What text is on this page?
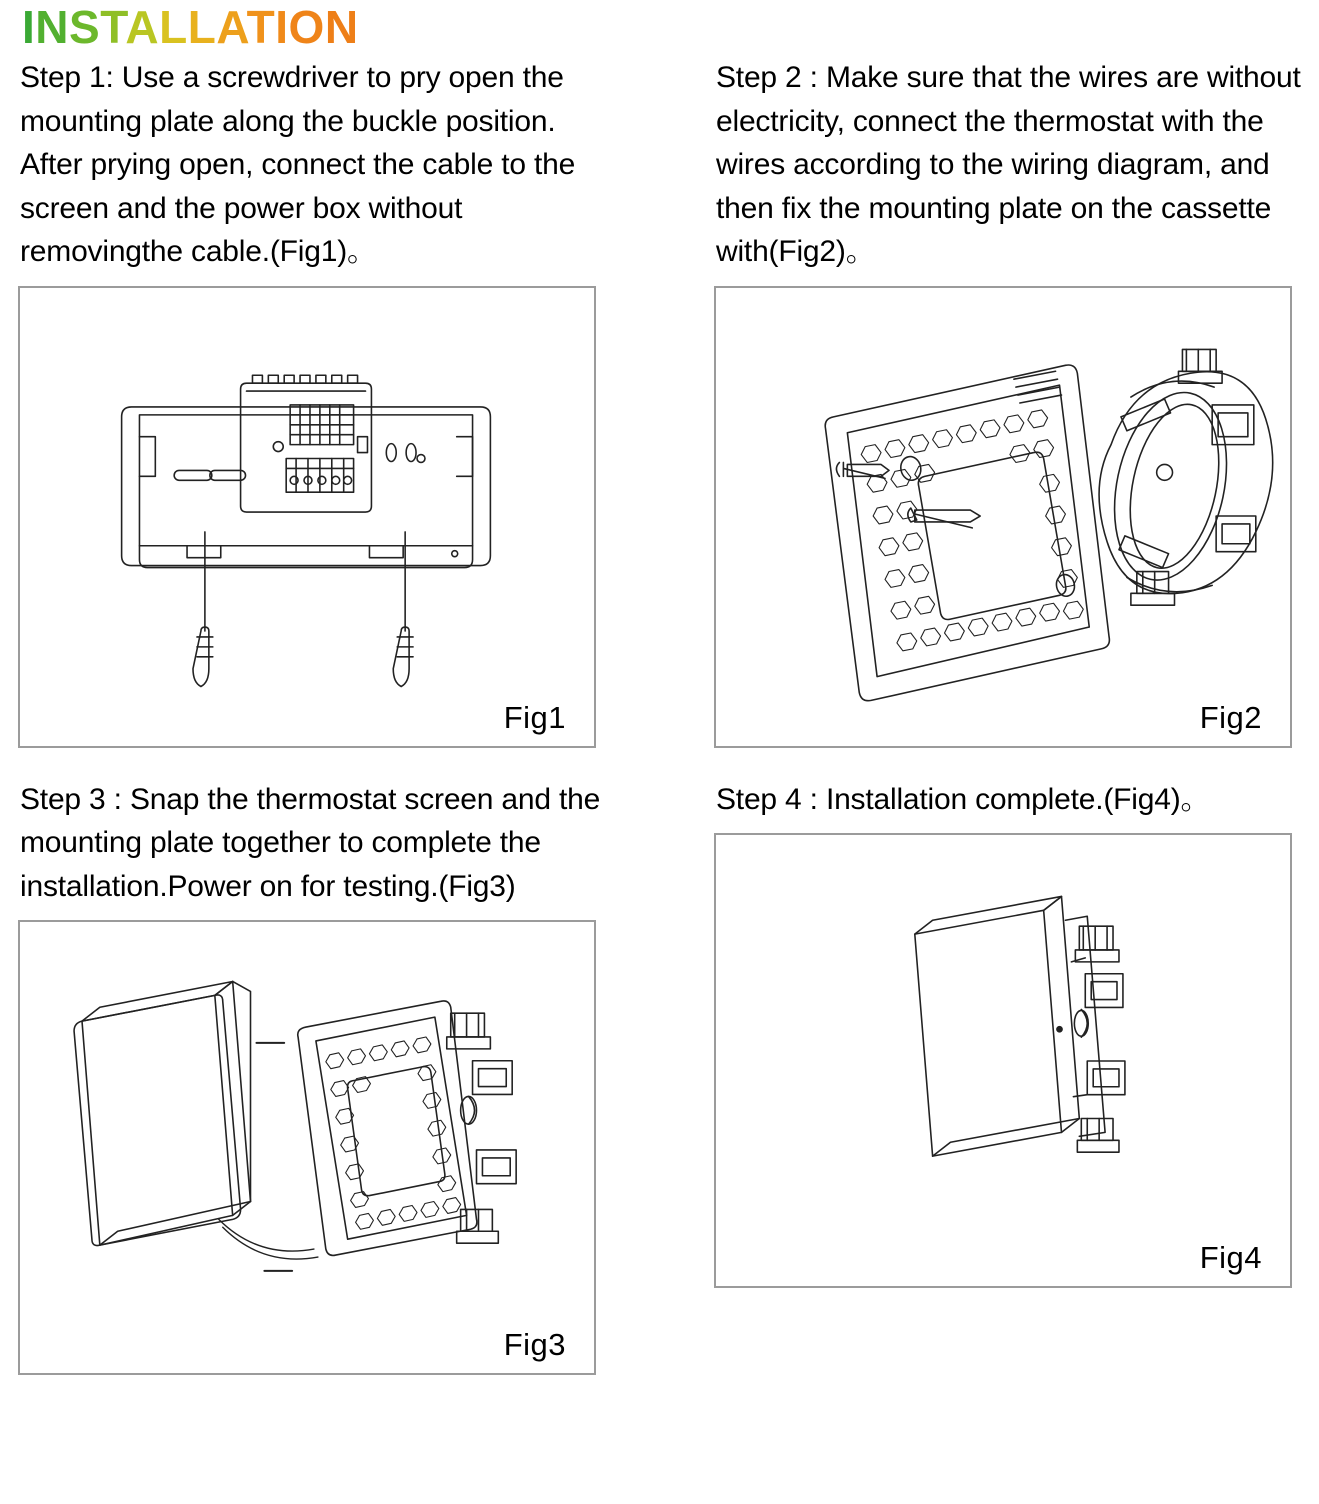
INSTALLATION

Step 1: Use a screwdriver to pry open the mounting plate along the buckle position. After prying open, connect the cable to the screen and the power box without removingthe cable.(Fig1)。

Fig1

Step 2 : Make sure that the wires are without electricity, connect the thermostat with the wires according to the wiring diagram, and then fix the mounting plate on the cassette with(Fig2)。

Fig2

Step 3 : Snap the thermostat screen and the mounting plate together to complete the installation.Power on for testing.(Fig3)

Fig3

Step 4 : Installation complete.(Fig4)。

Fig4
